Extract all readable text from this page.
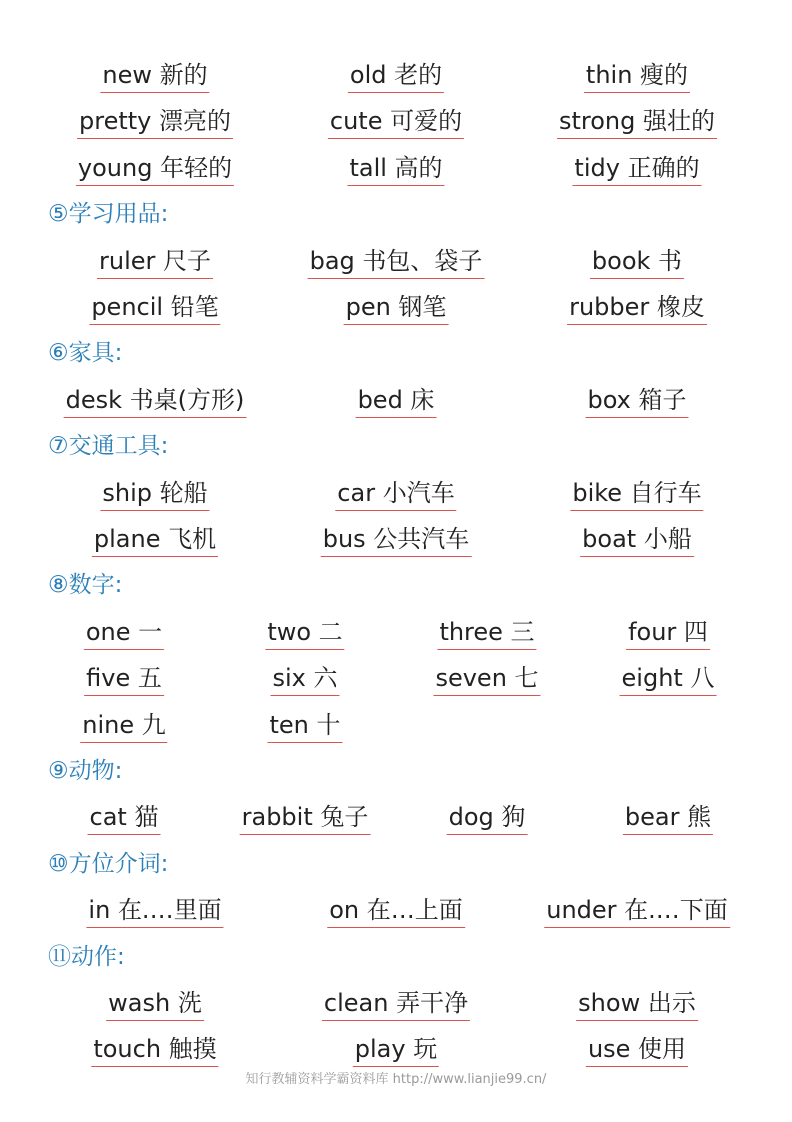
new 新的	old 老的	thin 瘦的
pretty 漂亮的	cute 可爱的	strong 强壮的
young 年轻的	tall 高的	tidy 正确的
⑤学习用品:
ruler 尺子	bag 书包、袋子	book 书
pencil 铅笔	pen 钢笔	rubber 橡皮
⑥家具:
desk 书桌(方形)	bed 床	box 箱子
⑦交通工具:
ship 轮船	car 小汽车	bike 自行车
plane 飞机	bus 公共汽车	boat 小船
⑧数字:
one 一	two 二	three 三	four 四
five 五	six 六	seven 七	eight 八
nine 九	ten 十
⑨动物:
cat 猫	rabbit 兔子	dog 狗	bear 熊
⑩方位介词:
in 在.…里面	on 在…上面	under 在.…下面
⑪动作:
wash 洗	clean 弄干净	show 出示
touch 触摸	play 玩	use 使用
知行教辅资料学霸资料库 http://www.lianjie99.cn/
